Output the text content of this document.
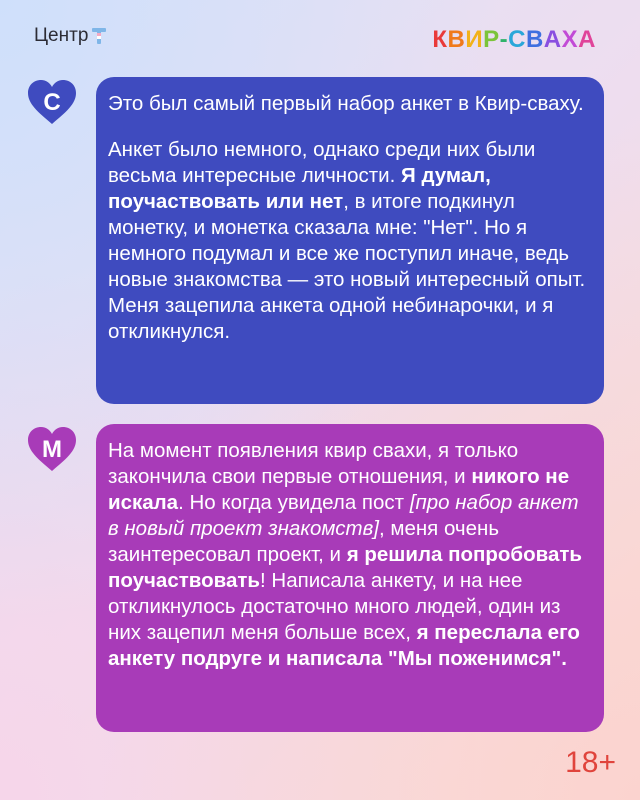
Центр	КВИР-СВАХА
С	Это был самый первый набор анкет в Квир-сваху.

Анкет было немного, однако среди них были весьма интересные личности. Я думал, поучаствовать или нет, в итоге подкинул монетку, и монетка сказала мне: "Нет". Но я немного подумал и все же поступил иначе, ведь новые знакомства — это новый интересный опыт. Меня зацепила анкета одной небинарочки, и я откликнулся.

М	На момент появления квир свахи, я только закончила свои первые отношения, и никого не искала. Но когда увидела пост [про набор анкет в новый проект знакомств], меня очень заинтересовал проект, и я решила попробовать поучаствовать! Написала анкету, и на нее откликнулось достаточно много людей, один из них зацепил меня больше всех, я переслала его анкету подруге и написала "Мы поженимся".

18+
